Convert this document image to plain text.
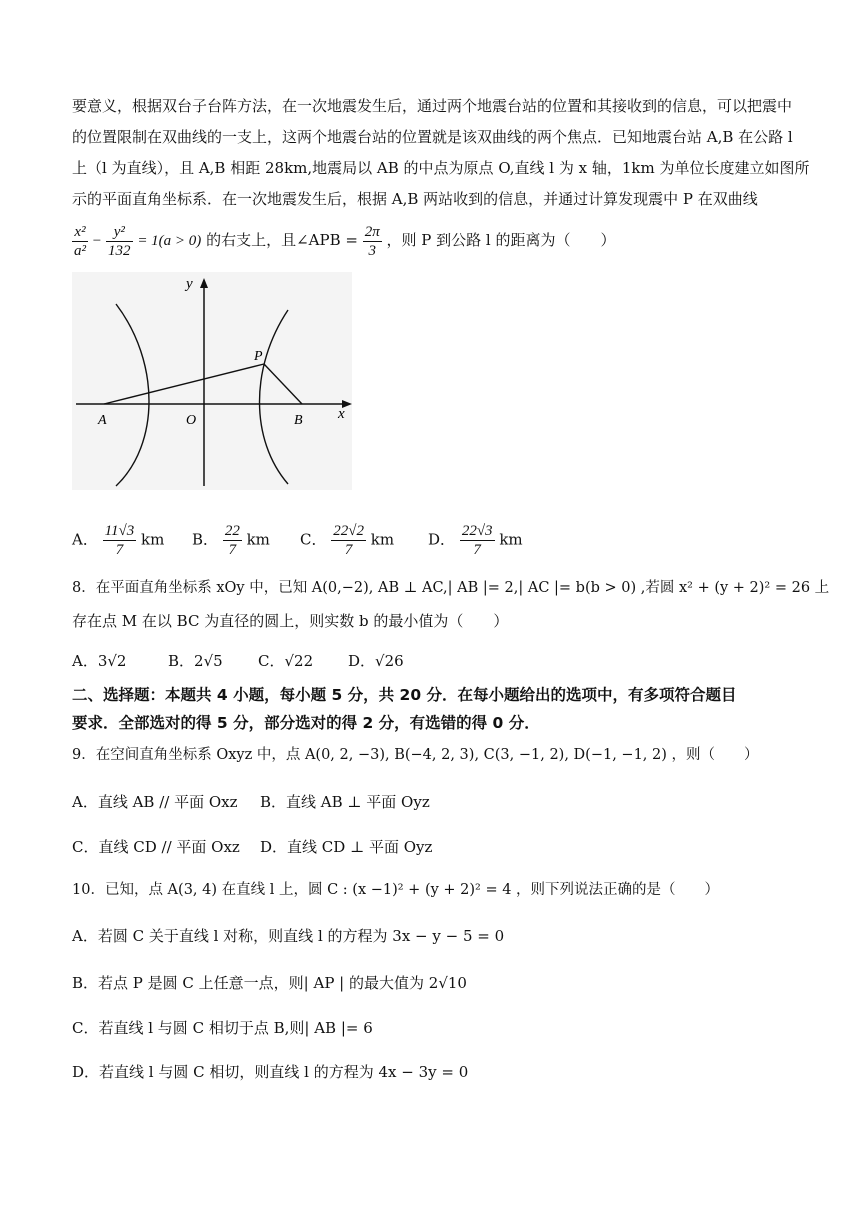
要意义，根据双台子台阵方法，在一次地震发生后，通过两个地震台站的位置和其接收到的信息，可以把震中
的位置限制在双曲线的一支上，这两个地震台站的位置就是该双曲线的两个焦点．已知地震台站 A,B 在公路 l
上（l 为直线），且 A,B 相距 28km,地震局以 AB 的中点为原点 O,直线 l 为 x 轴，1km 为单位长度建立如图所
示的平面直角坐标系．在一次地震发生后，根据 A,B 两站收到的信息，并通过计算发现震中 P 在双曲线
$\frac{\text{x²}}{\text{a²}} - \frac{\text{y²}}{132} = 1(a > 0)$ 的右支上，且∠APB = $\frac{2\pi}{3}$ ，则 P 到公路 l 的距离为（　　）
y
x
A	O	B
P
A． $\frac{11√3}{7}$ km B． $\frac{22}{7}$ km C． $\frac{22√2}{7}$ km D． $\frac{22√3}{7}$ km
8．在平面直角坐标系 xOy 中，已知 A(0,−2), AB ⊥ AC,| AB |= 2,| AC |= b(b > 0) ,若圆 x² + (y + 2)² = 26 上
存在点 M 在以 BC 为直径的圆上，则实数 b 的最小值为（　　）
A．3√2	B．2√5 C．√22 D．√26
二、选择题：本题共 4 小题，每小题 5 分，共 20 分．在每小题给出的选项中，有多项符合题目
要求．全部选对的得 5 分，部分选对的得 2 分，有选错的得 0 分．
9．在空间直角坐标系 Oxyz 中，点 A(0, 2, −3), B(−4, 2, 3), C(3, −1, 2), D(−1, −1, 2) ，则（　　）
A．直线 AB // 平面 Oxz B．直线 AB ⊥ 平面 Oyz
C．直线 CD // 平面 Oxz D．直线 CD ⊥ 平面 Oyz
10．已知，点 A(3, 4) 在直线 l 上，圆 C : (x −1)² + (y + 2)² = 4 ，则下列说法正确的是（　　）
A．若圆 C 关于直线 l 对称，则直线 l 的方程为 3x − y − 5 = 0
B．若点 P 是圆 C 上任意一点，则| AP | 的最大值为 2√10
C．若直线 l 与圆 C 相切于点 B,则| AB |= 6
D．若直线 l 与圆 C 相切，则直线 l 的方程为 4x − 3y = 0
